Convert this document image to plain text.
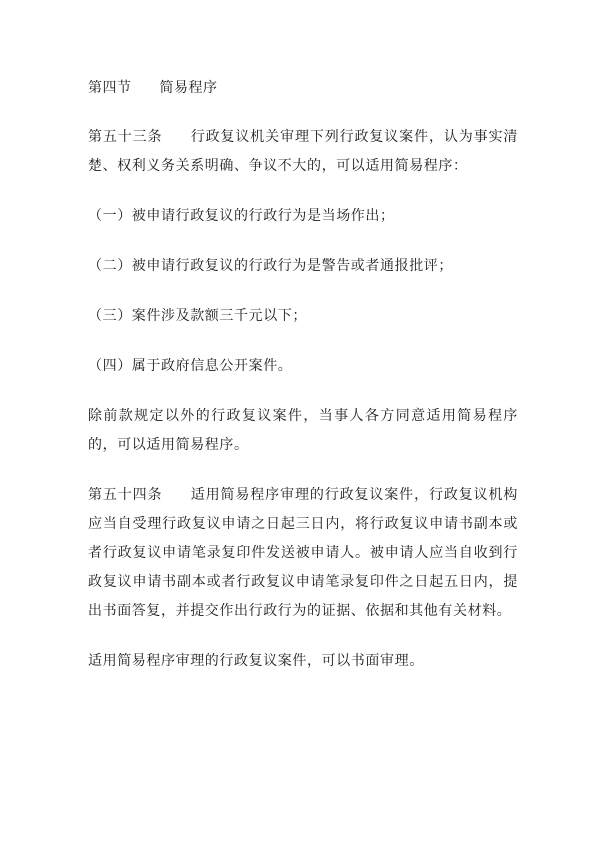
第四节 简易程序

第五十三条 行政复议机关审理下列行政复议案件，认为事实清楚、权利义务关系明确、争议不大的，可以适用简易程序：

（一）被申请行政复议的行政行为是当场作出；

（二）被申请行政复议的行政行为是警告或者通报批评；

（三）案件涉及款额三千元以下；

（四）属于政府信息公开案件。

除前款规定以外的行政复议案件，当事人各方同意适用简易程序的，可以适用简易程序。

第五十四条 适用简易程序审理的行政复议案件，行政复议机构应当自受理行政复议申请之日起三日内，将行政复议申请书副本或者行政复议申请笔录复印件发送被申请人。被申请人应当自收到行政复议申请书副本或者行政复议申请笔录复印件之日起五日内，提出书面答复，并提交作出行政行为的证据、依据和其他有关材料。

适用简易程序审理的行政复议案件，可以书面审理。
